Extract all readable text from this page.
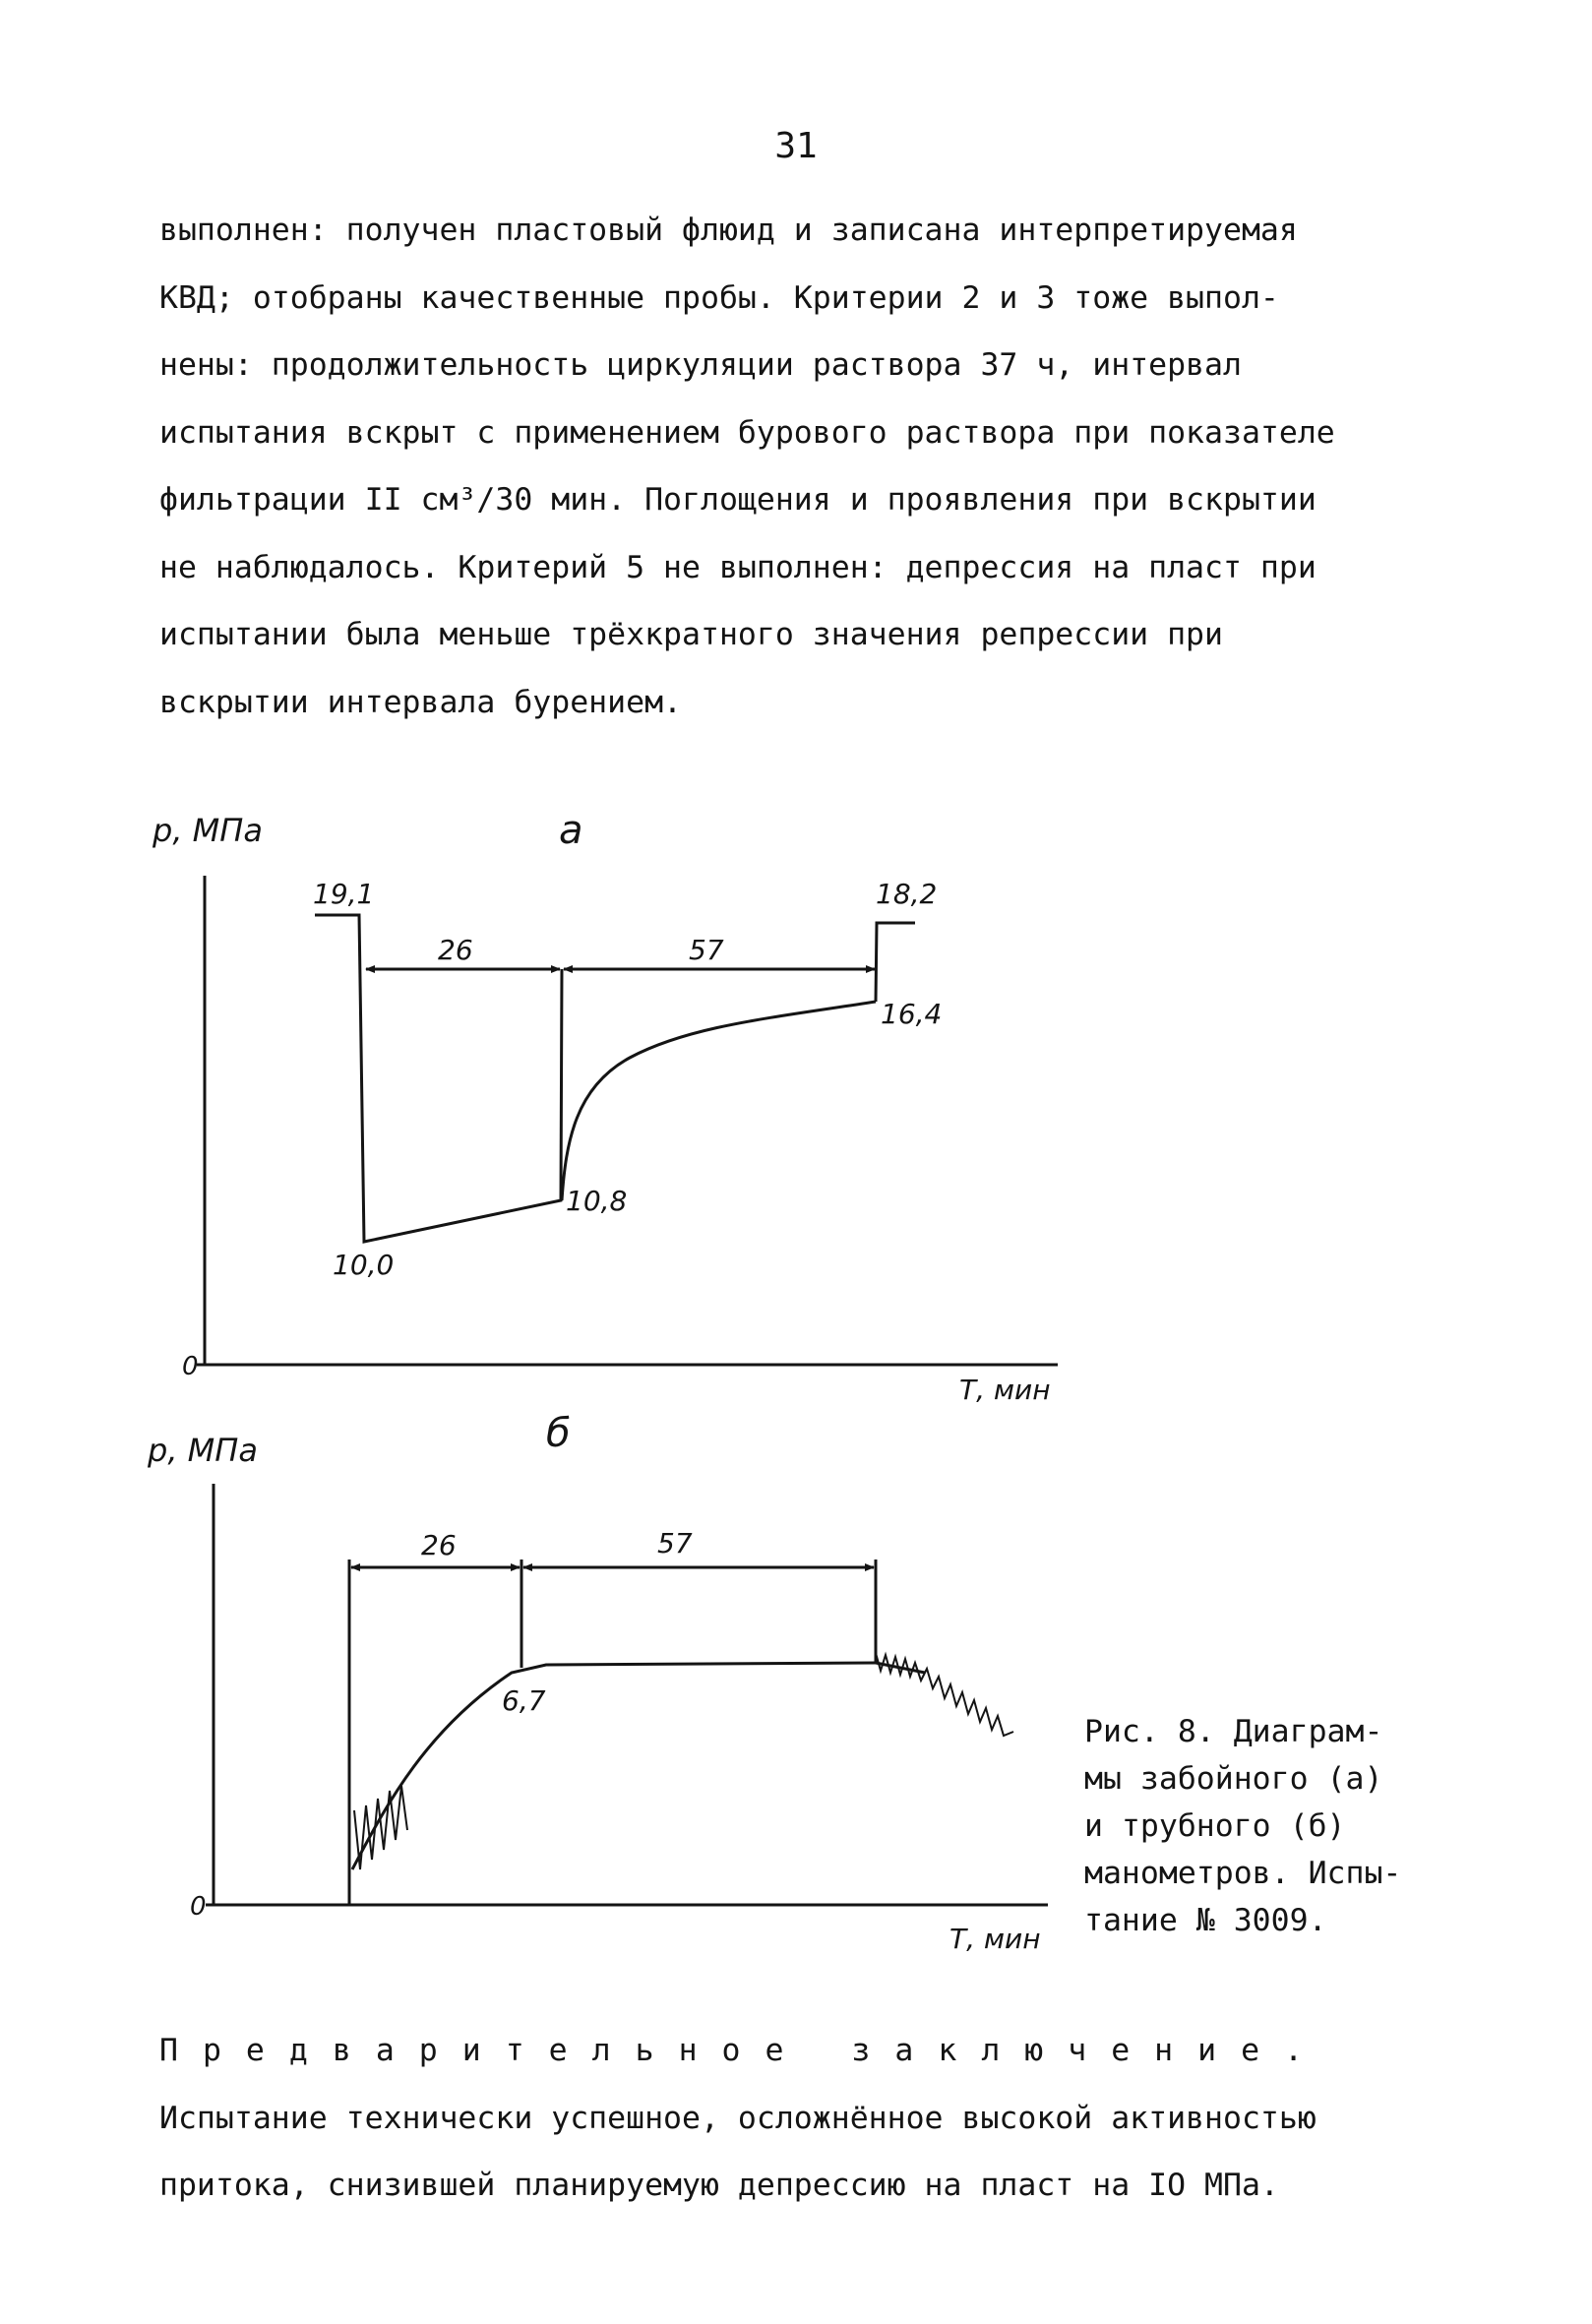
31
выполнен: получен пластовый флюид и записана интерпретируемая
КВД; отобраны качественные пробы. Критерии 2 и 3 тоже выпол-
нены: продолжительность циркуляции раствора 37 ч, интервал
испытания вскрыт с применением бурового раствора при показателе
фильтрации II см³/30 мин. Поглощения и проявления при вскрытии
не наблюдалось. Критерий 5 не выполнен: депрессия на пласт при
испытании была меньше трёхкратного значения репрессии при
вскрытии интервала бурением.
а
р, МПа
Т, мин
0
26	57
19,1	18,2
16,4
10,8
10,0
б
р, МПа
Т, мин
0
26	57
6,7
Рис. 8. Диаграм-
мы забойного (а)
и трубного (б)
манометров. Испы-
тание № 3009.
Предварительное заключение.
Испытание технически успешное, осложнённое высокой активностью
притока, снизившей планируемую депрессию на пласт на IO МПа.
